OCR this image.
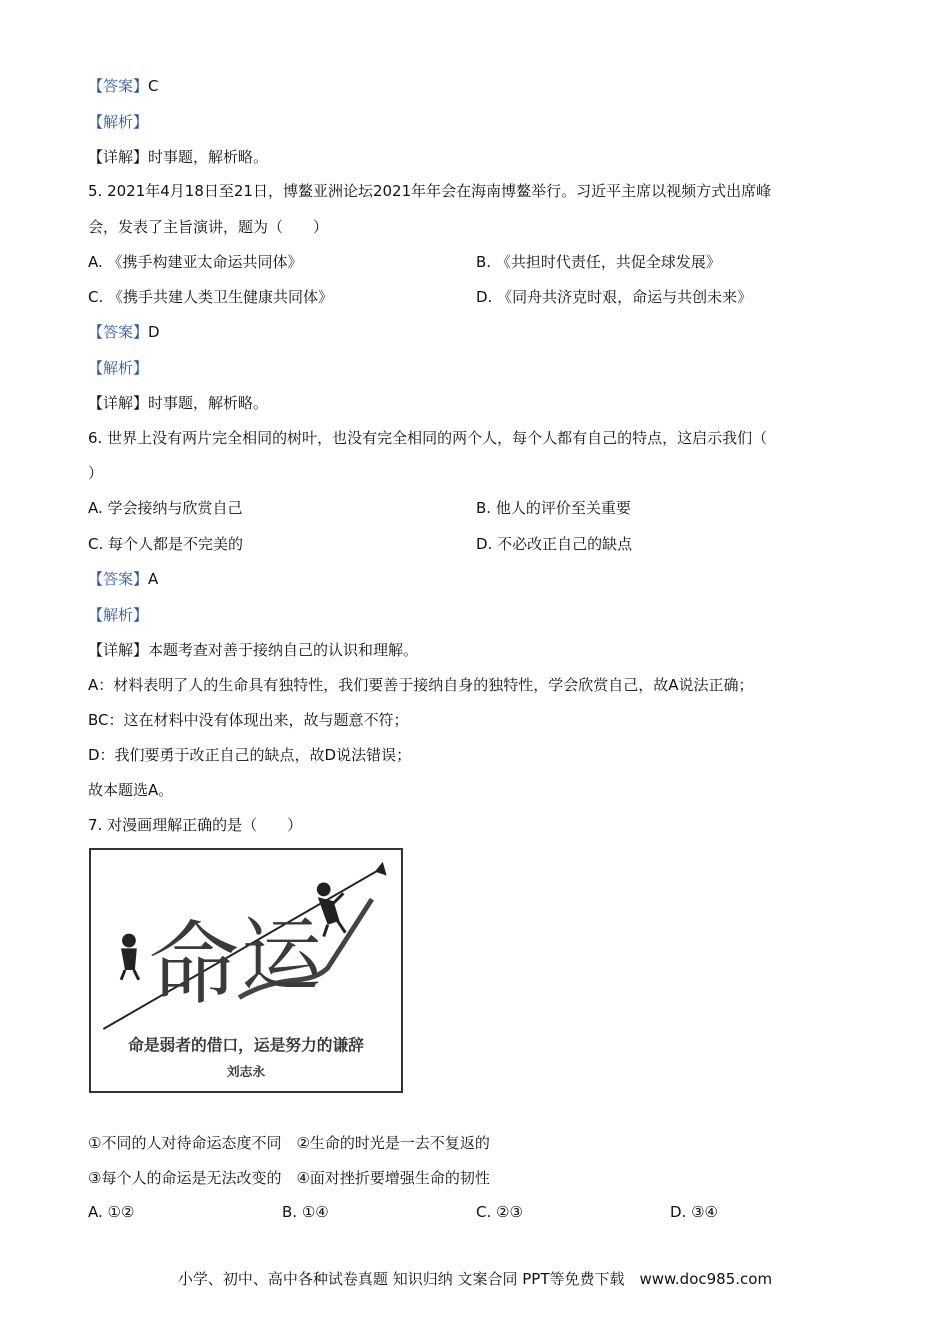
【答案】C
【解析】
【详解】时事题，解析略。
5. 2021年4月18日至21日，博鳌亚洲论坛2021年年会在海南博鳌举行。习近平主席以视频方式出席峰
会，发表了主旨演讲，题为（　　）
A. 《携手构建亚太命运共同体》	B. 《共担时代责任，共促全球发展》
C. 《携手共建人类卫生健康共同体》	D. 《同舟共济克时艰，命运与共创未来》
【答案】D
【解析】
【详解】时事题，解析略。
6. 世界上没有两片完全相同的树叶，也没有完全相同的两个人，每个人都有自己的特点，这启示我们（
）
A. 学会接纳与欣赏自己	B. 他人的评价至关重要
C. 每个人都是不完美的	D. 不必改正自己的缺点
【答案】A
【解析】
【详解】本题考查对善于接纳自己的认识和理解。
A：材料表明了人的生命具有独特性，我们要善于接纳自身的独特性，学会欣赏自己，故A说法正确；
BC：这在材料中没有体现出来，故与题意不符；
D：我们要勇于改正自己的缺点，故D说法错误；
故本题选A。
7. 对漫画理解正确的是（　　）
命 运
命是弱者的借口，运是努力的谦辞
刘志永
①不同的人对待命运态度不同　②生命的时光是一去不复返的
③每个人的命运是无法改变的　④面对挫折要增强生命的韧性
A. ①②	B. ①④	C. ②③	D. ③④
小学、初中、高中各种试卷真题 知识归纳 文案合同 PPT等免费下载　www.doc985.com
